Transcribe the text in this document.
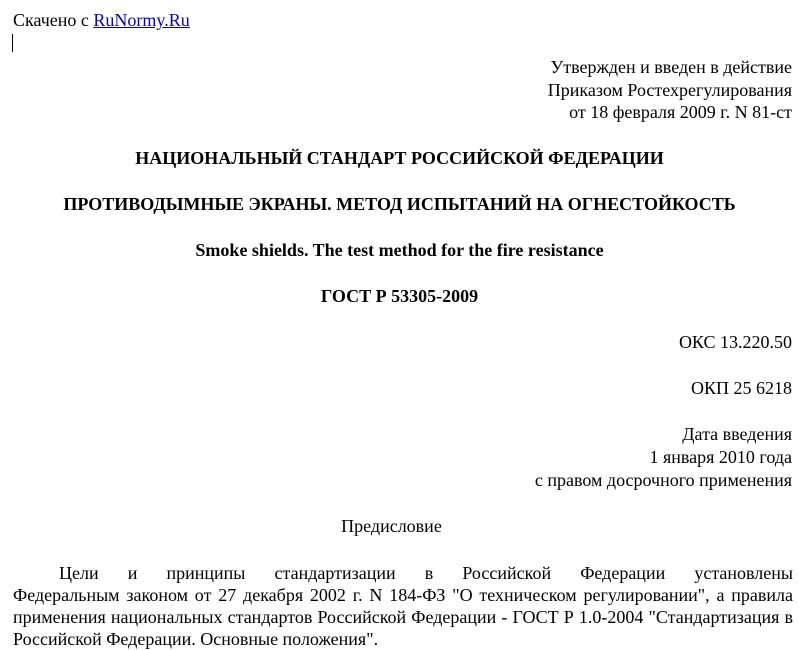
Скачено с RuNormy.Ru
Утвержден и введен в действие
Приказом Ростехрегулирования
от 18 февраля 2009 г. N 81-ст
НАЦИОНАЛЬНЫЙ СТАНДАРТ РОССИЙСКОЙ ФЕДЕРАЦИИ
ПРОТИВОДЫМНЫЕ ЭКРАНЫ. МЕТОД ИСПЫТАНИЙ НА ОГНЕСТОЙКОСТЬ
Smoke shields. The test method for the fire resistance
ГОСТ Р 53305-2009
ОКС 13.220.50
ОКП 25 6218
Дата введения
1 января 2010 года
с правом досрочного применения
Предисловие
Цели и принципы стандартизации в Российской Федерации установлены
Федеральным законом от 27 декабря 2002 г. N 184-ФЗ "О техническом регулировании", а правила применения национальных стандартов Российской Федерации - ГОСТ Р 1.0-2004 "Стандартизация в Российской Федерации. Основные положения".
